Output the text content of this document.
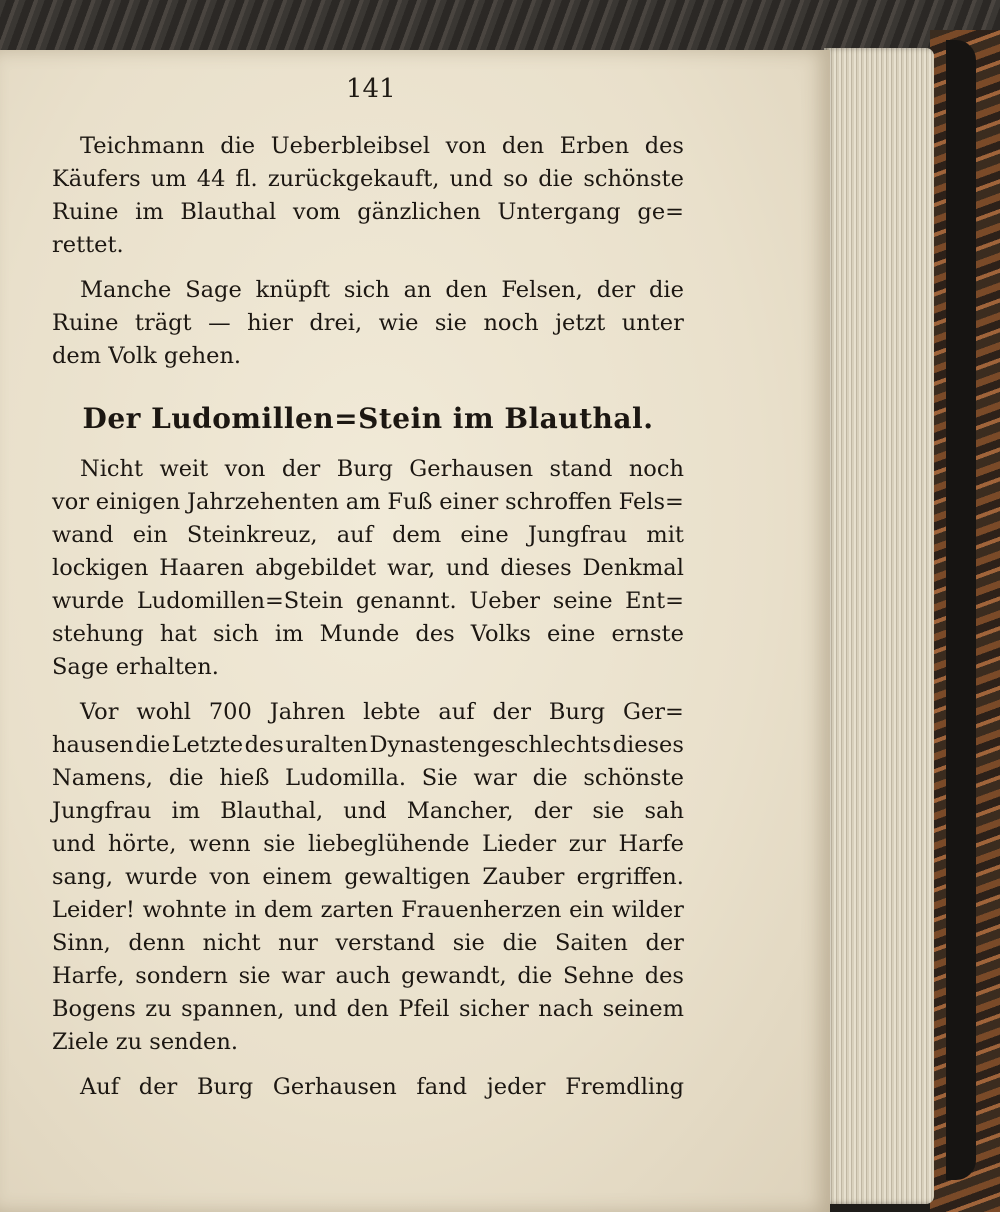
141
Teichmann die Ueberbleibsel von den Erben des
Käufers um 44 fl. zurückgekauft, und so die schönste
Ruine im Blauthal vom gänzlichen Untergang ge=
rettet.
Manche Sage knüpft sich an den Felsen, der die
Ruine trägt — hier drei, wie sie noch jetzt unter
dem Volk gehen.
Der Ludomillen=Stein im Blauthal.
Nicht weit von der Burg Gerhausen stand noch
vor einigen Jahrzehenten am Fuß einer schroffen Fels=
wand ein Steinkreuz, auf dem eine Jungfrau mit
lockigen Haaren abgebildet war, und dieses Denkmal
wurde Ludomillen=Stein genannt. Ueber seine Ent=
stehung hat sich im Munde des Volks eine ernste
Sage erhalten.
Vor wohl 700 Jahren lebte auf der Burg Ger=
hausen die Letzte des uralten Dynastengeschlechts dieses
Namens, die hieß Ludomilla. Sie war die schönste
Jungfrau im Blauthal, und Mancher, der sie sah
und hörte, wenn sie liebeglühende Lieder zur Harfe
sang, wurde von einem gewaltigen Zauber ergriffen.
Leider! wohnte in dem zarten Frauenherzen ein wilder
Sinn, denn nicht nur verstand sie die Saiten der
Harfe, sondern sie war auch gewandt, die Sehne des
Bogens zu spannen, und den Pfeil sicher nach seinem
Ziele zu senden.
Auf der Burg Gerhausen fand jeder Fremdling
